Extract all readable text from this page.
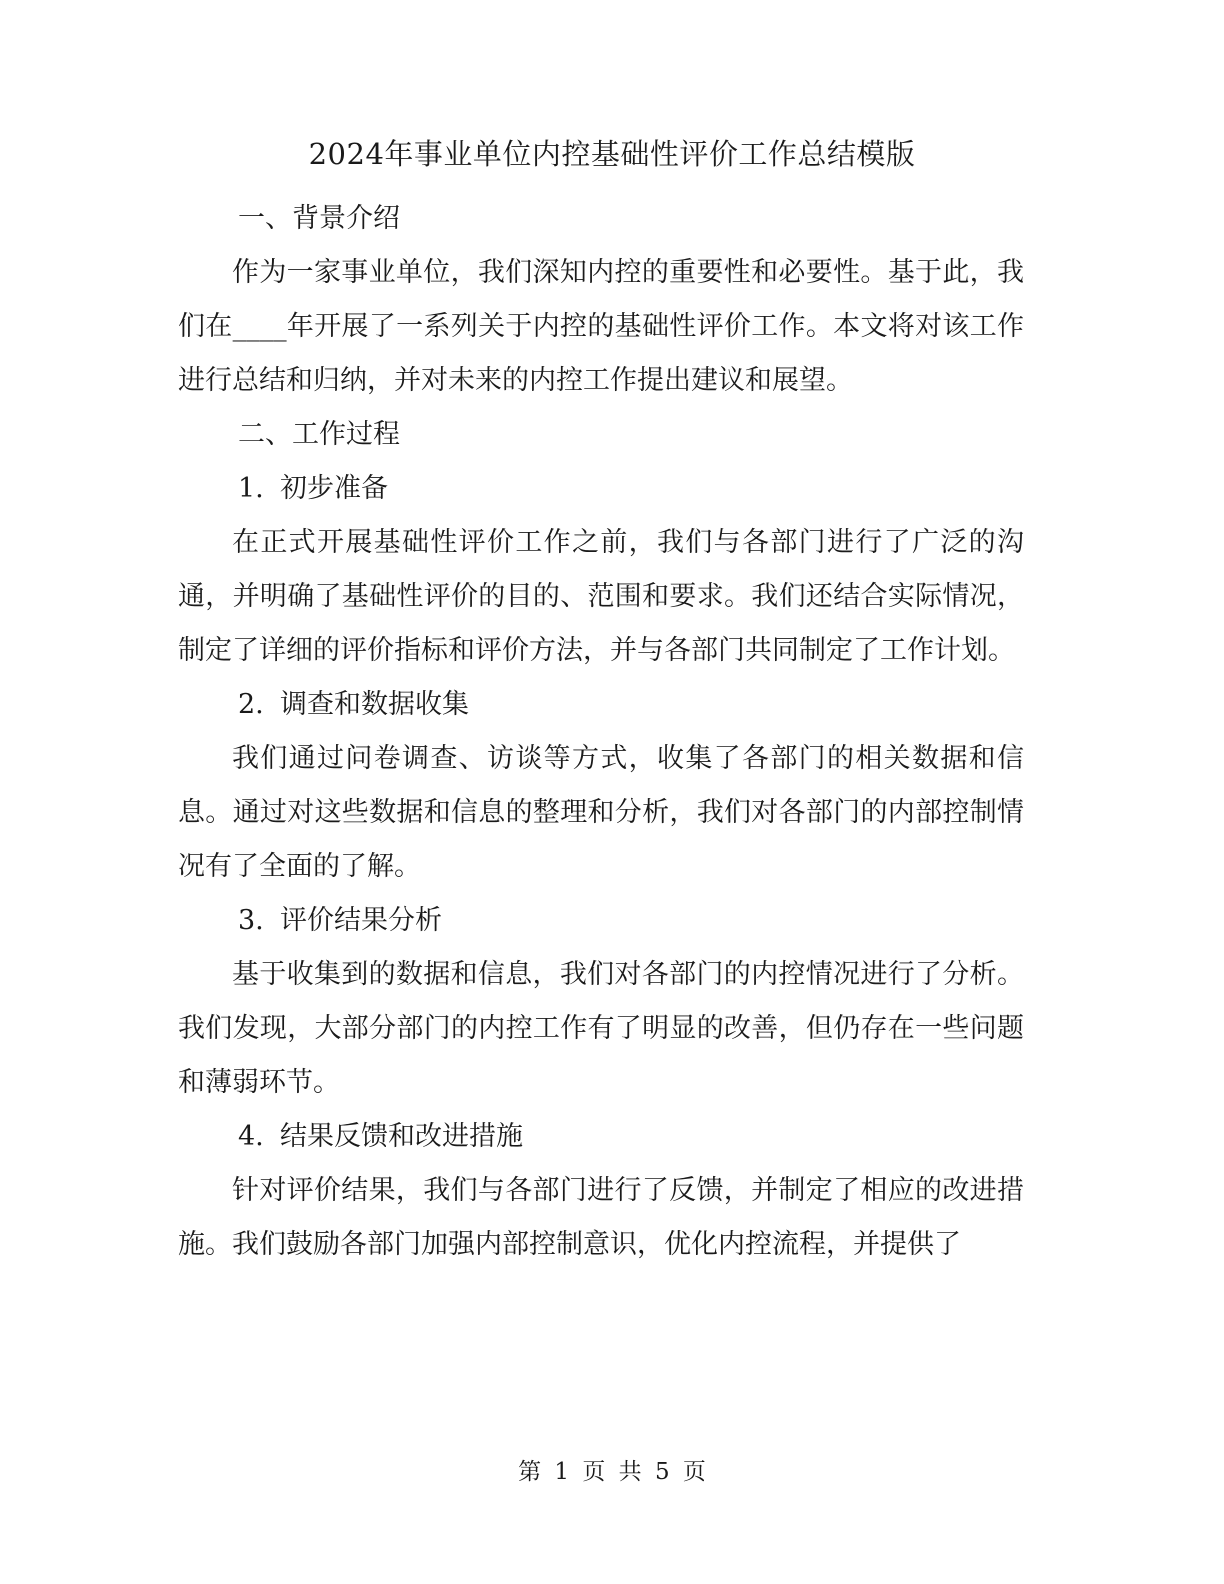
2024年事业单位内控基础性评价工作总结模版

一、背景介绍

作为一家事业单位，我们深知内控的重要性和必要性。基于此，我们在____年开展了一系列关于内控的基础性评价工作。本文将对该工作进行总结和归纳，并对未来的内控工作提出建议和展望。

二、工作过程

1. 初步准备

在正式开展基础性评价工作之前，我们与各部门进行了广泛的沟通，并明确了基础性评价的目的、范围和要求。我们还结合实际情况，制定了详细的评价指标和评价方法，并与各部门共同制定了工作计划。

2. 调查和数据收集

我们通过问卷调查、访谈等方式，收集了各部门的相关数据和信息。通过对这些数据和信息的整理和分析，我们对各部门的内部控制情况有了全面的了解。

3. 评价结果分析

基于收集到的数据和信息，我们对各部门的内控情况进行了分析。我们发现，大部分部门的内控工作有了明显的改善，但仍存在一些问题和薄弱环节。

4. 结果反馈和改进措施

针对评价结果，我们与各部门进行了反馈，并制定了相应的改进措施。我们鼓励各部门加强内部控制意识，优化内控流程，并提供了

第 1 页 共 5 页
